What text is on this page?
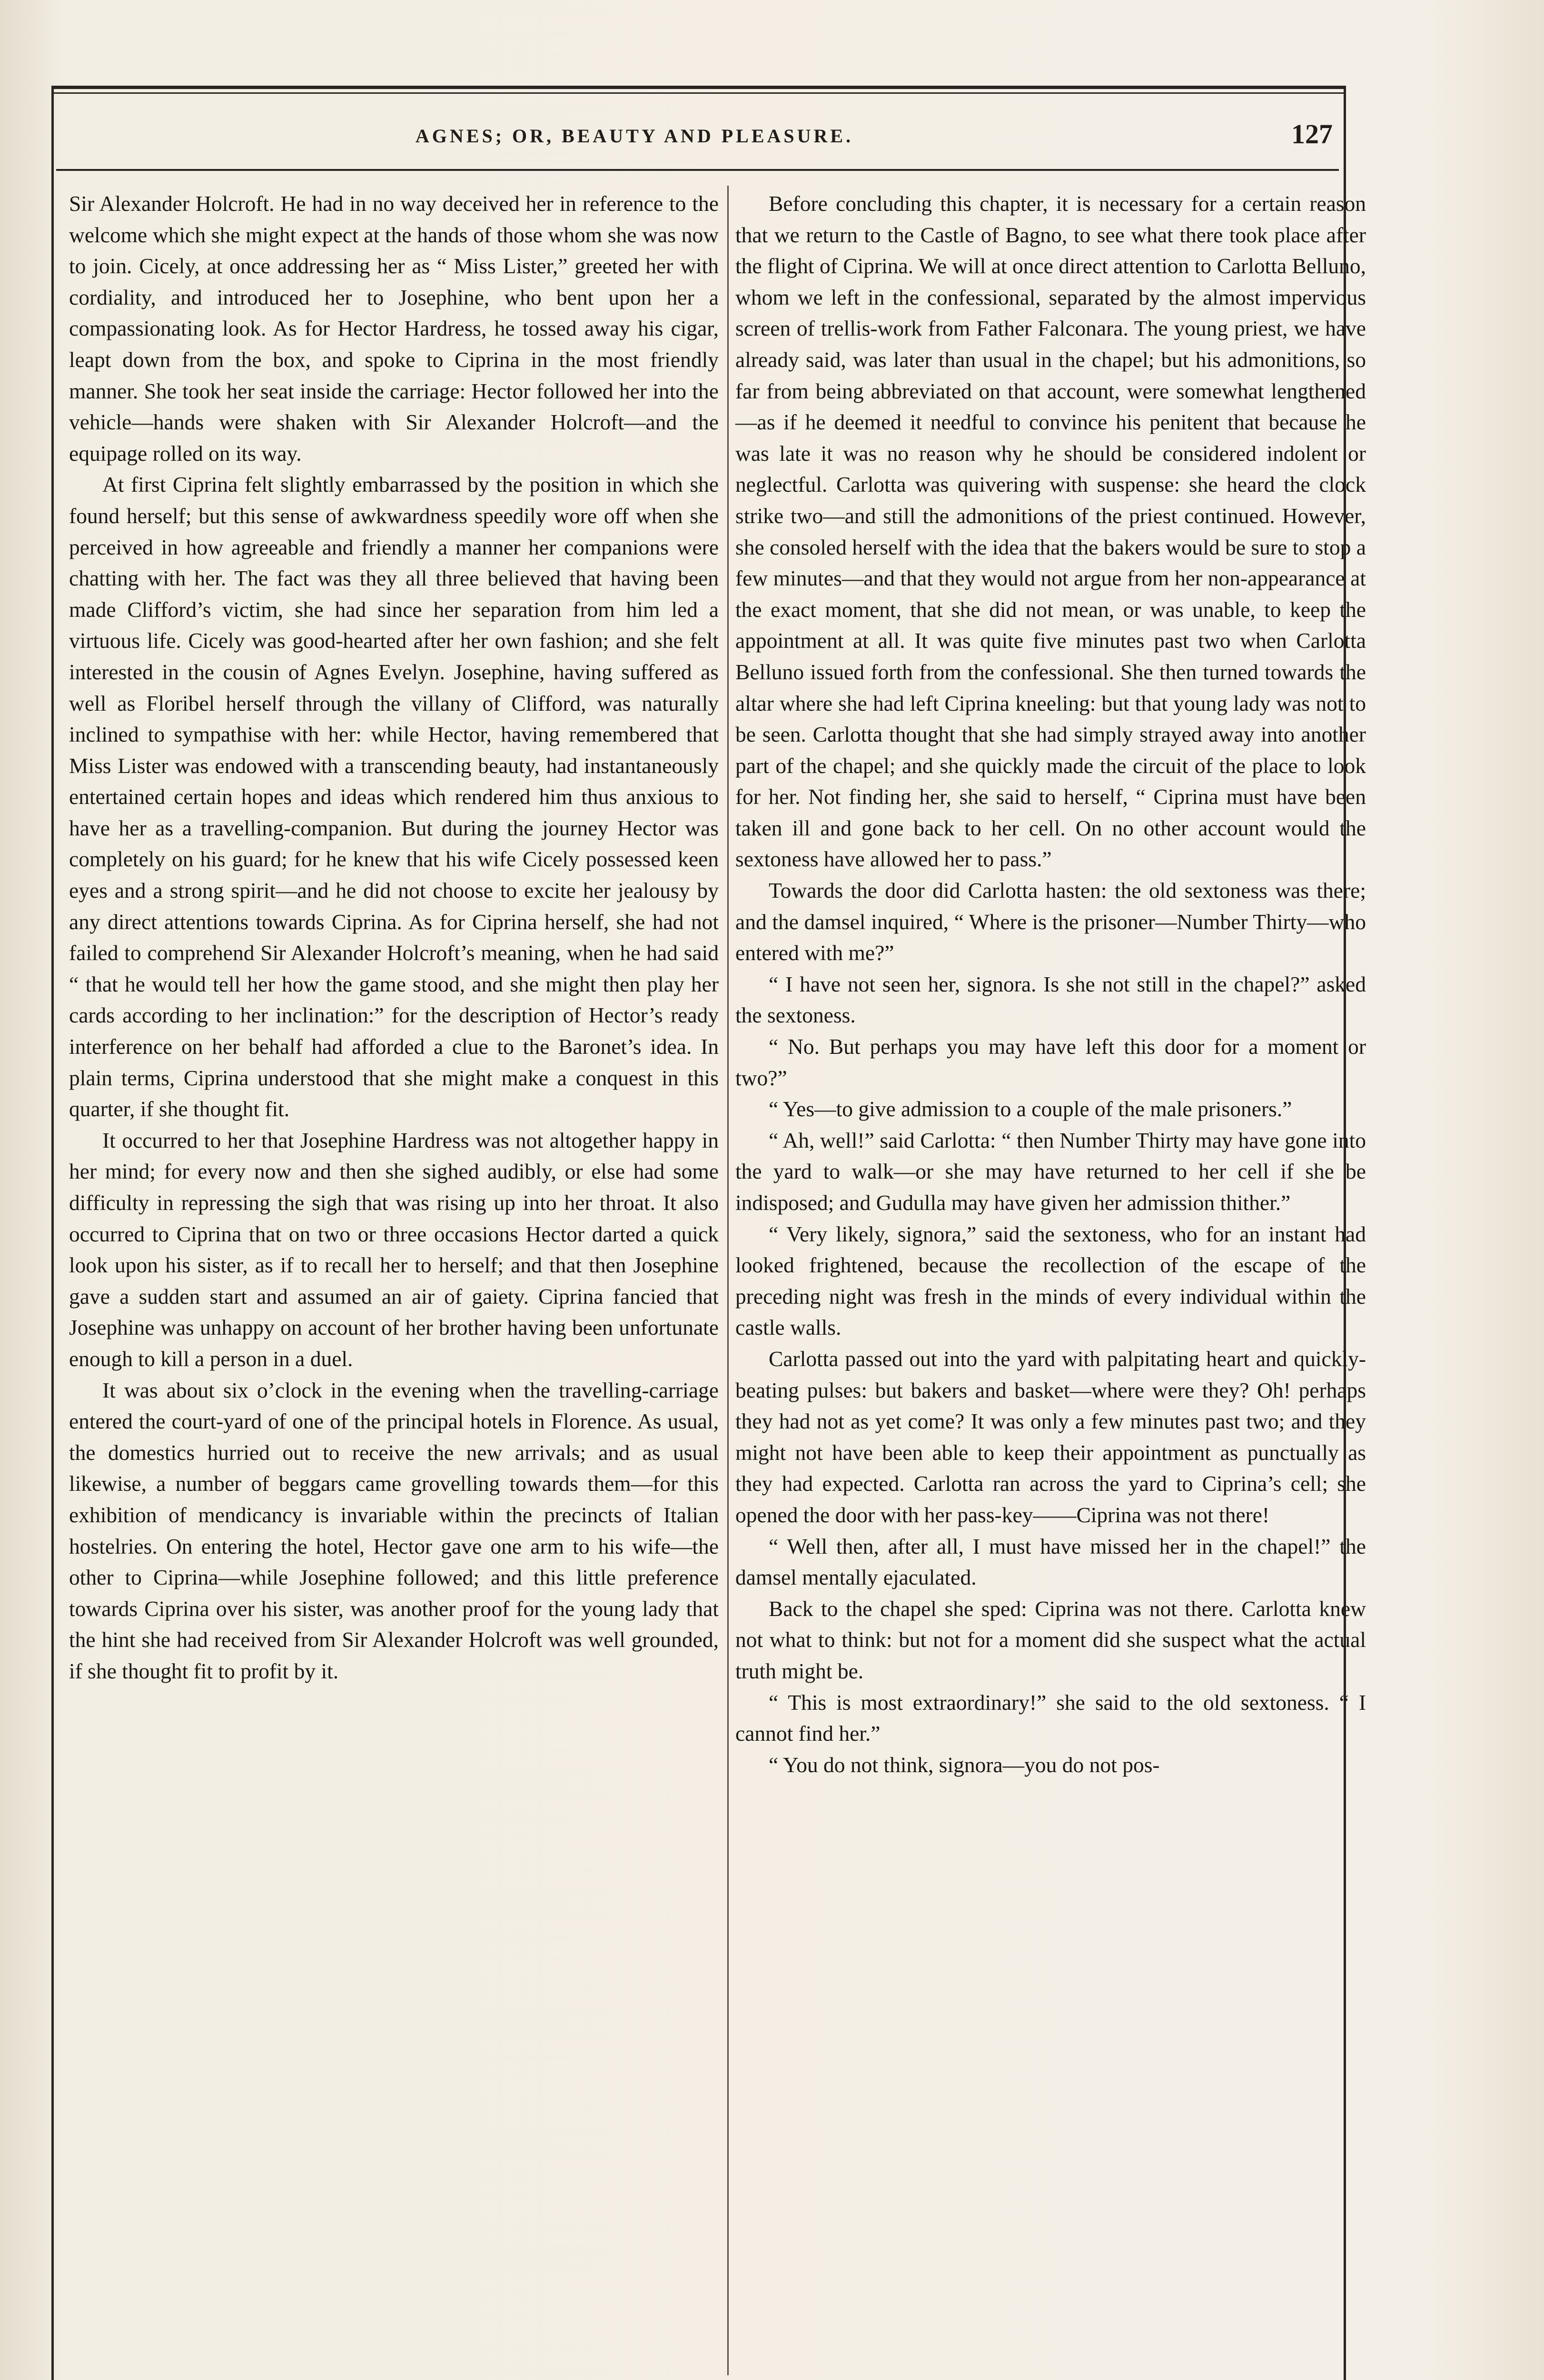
AGNES; OR, BEAUTY AND PLEASURE.	127

Sir Alexander Holcroft. He had in no way deceived her in reference to the welcome which she might expect at the hands of those whom she was now to join. Cicely, at once addressing her as “ Miss Lister,” greeted her with cordiality, and introduced her to Josephine, who bent upon her a compassionating look. As for Hector Hardress, he tossed away his cigar, leapt down from the box, and spoke to Ciprina in the most friendly manner. She took her seat inside the carriage: Hector followed her into the vehicle—hands were shaken with Sir Alexander Holcroft—and the equipage rolled on its way.

At first Ciprina felt slightly embarrassed by the position in which she found herself; but this sense of awkwardness speedily wore off when she perceived in how agreeable and friendly a manner her companions were chatting with her. The fact was they all three believed that having been made Clifford’s victim, she had since her separation from him led a virtuous life. Cicely was good-hearted after her own fashion; and she felt interested in the cousin of Agnes Evelyn. Josephine, having suffered as well as Floribel herself through the villany of Clifford, was naturally inclined to sympathise with her: while Hector, having remembered that Miss Lister was endowed with a transcending beauty, had instantaneously entertained certain hopes and ideas which rendered him thus anxious to have her as a travelling-companion. But during the journey Hector was completely on his guard; for he knew that his wife Cicely possessed keen eyes and a strong spirit—and he did not choose to excite her jealousy by any direct attentions towards Ciprina. As for Ciprina herself, she had not failed to comprehend Sir Alexander Holcroft’s meaning, when he had said “ that he would tell her how the game stood, and she might then play her cards according to her inclination:” for the description of Hector’s ready interference on her behalf had afforded a clue to the Baronet’s idea. In plain terms, Ciprina understood that she might make a conquest in this quarter, if she thought fit.

It occurred to her that Josephine Hardress was not altogether happy in her mind; for every now and then she sighed audibly, or else had some difficulty in repressing the sigh that was rising up into her throat. It also occurred to Ciprina that on two or three occasions Hector darted a quick look upon his sister, as if to recall her to herself; and that then Josephine gave a sudden start and assumed an air of gaiety. Ciprina fancied that Josephine was unhappy on account of her brother having been unfortunate enough to kill a person in a duel.

It was about six o’clock in the evening when the travelling-carriage entered the court-yard of one of the principal hotels in Florence. As usual, the domestics hurried out to receive the new arrivals; and as usual likewise, a number of beggars came grovelling towards them—for this exhibition of mendicancy is invariable within the precincts of Italian hostelries. On entering the hotel, Hector gave one arm to his wife—the other to Ciprina—while Josephine followed; and this little preference towards Ciprina over his sister, was another proof for the young lady that the hint she had received from Sir Alexander Holcroft was well grounded, if she thought fit to profit by it.

Before concluding this chapter, it is necessary for a certain reason that we return to the Castle of Bagno, to see what there took place after the flight of Ciprina. We will at once direct attention to Carlotta Belluno, whom we left in the confessional, separated by the almost impervious screen of trellis-work from Father Falconara. The young priest, we have already said, was later than usual in the chapel; but his admonitions, so far from being abbreviated on that account, were somewhat lengthened—as if he deemed it needful to convince his penitent that because he was late it was no reason why he should be considered indolent or neglectful. Carlotta was quivering with suspense: she heard the clock strike two—and still the admonitions of the priest continued. However, she consoled herself with the idea that the bakers would be sure to stop a few minutes—and that they would not argue from her non-appearance at the exact moment, that she did not mean, or was unable, to keep the appointment at all. It was quite five minutes past two when Carlotta Belluno issued forth from the confessional. She then turned towards the altar where she had left Ciprina kneeling: but that young lady was not to be seen. Carlotta thought that she had simply strayed away into another part of the chapel; and she quickly made the circuit of the place to look for her. Not finding her, she said to herself, “ Ciprina must have been taken ill and gone back to her cell. On no other account would the sextoness have allowed her to pass.”

Towards the door did Carlotta hasten: the old sextoness was there; and the damsel inquired, “ Where is the prisoner—Number Thirty—who entered with me?”

“ I have not seen her, signora. Is she not still in the chapel?” asked the sextoness.

“ No. But perhaps you may have left this door for a moment or two?”

“ Yes—to give admission to a couple of the male prisoners.”

“ Ah, well!” said Carlotta: “ then Number Thirty may have gone into the yard to walk—or she may have returned to her cell if she be indisposed; and Gudulla may have given her admission thither.”

“ Very likely, signora,” said the sextoness, who for an instant had looked frightened, because the recollection of the escape of the preceding night was fresh in the minds of every individual within the castle walls.

Carlotta passed out into the yard with palpitating heart and quickly-beating pulses: but bakers and basket—where were they? Oh! perhaps they had not as yet come? It was only a few minutes past two; and they might not have been able to keep their appointment as punctually as they had expected. Carlotta ran across the yard to Ciprina’s cell; she opened the door with her pass-key——Ciprina was not there!

“ Well then, after all, I must have missed her in the chapel!” the damsel mentally ejaculated.

Back to the chapel she sped: Ciprina was not there. Carlotta knew not what to think: but not for a moment did she suspect what the actual truth might be.

“ This is most extraordinary!” she said to the old sextoness. “ I cannot find her.”

“ You do not think, signora—you do not pos-
